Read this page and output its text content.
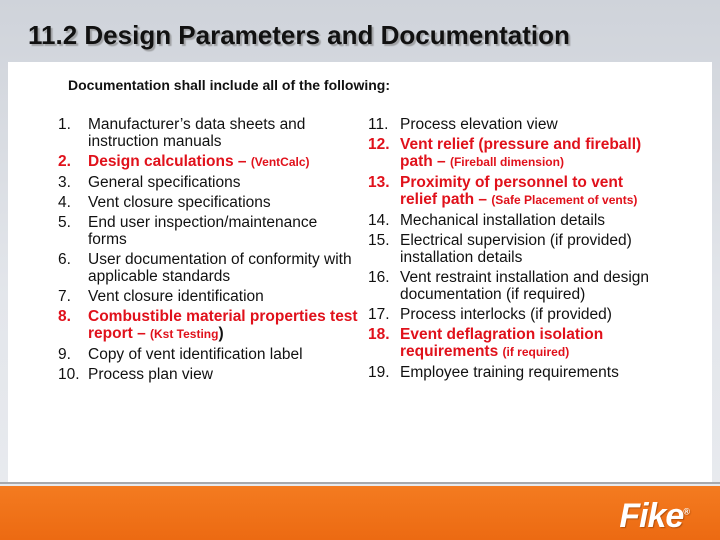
11.2 Design Parameters and Documentation
Documentation shall include all of the following:
1.	Manufacturer’s data sheets and instruction manuals
2.	Design calculations – (VentCalc)
3.	General specifications
4.	Vent closure specifications
5.	End user inspection/maintenance forms
6.	User documentation of conformity with applicable standards
7.	Vent closure identification
8.	Combustible material properties test report – (Kst Testing)
9.	Copy of vent identification label
10. Process plan view
11. Process elevation view
12. Vent relief (pressure and fireball) path – (Fireball dimension)
13. Proximity of personnel to vent relief path – (Safe Placement of vents)
14. Mechanical installation details
15. Electrical supervision (if provided) installation details
16. Vent restraint installation and design documentation (if required)
17. Process interlocks (if provided)
18. Event deflagration isolation requirements (if required)
19. Employee training requirements
Fike®
